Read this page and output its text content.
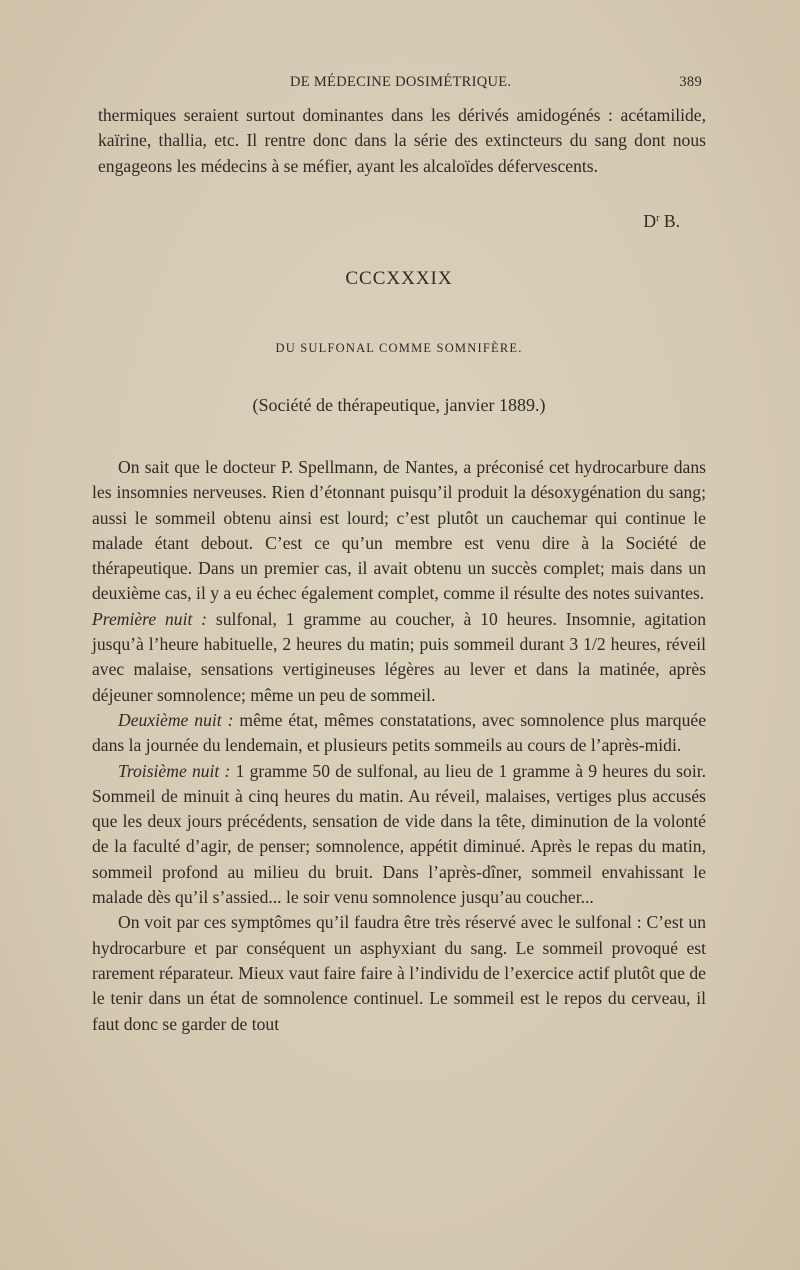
DE MÉDECINE DOSIMÉTRIQUE.	389

thermiques seraient surtout dominantes dans les dérivés amidogénés : acétamilide, kaïrine, thallia, etc. Il rentre donc dans la série des extincteurs du sang dont nous engageons les médecins à se méfier, ayant les alcaloïdes défervescents.

$D^r$ B.
CCCXXXIX
DU SULFONAL COMME SOMNIFÈRE.
(Société de thérapeutique, janvier 1889.)

On sait que le docteur P. Spellmann, de Nantes, a préconisé cet hydrocarbure dans les insomnies nerveuses. Rien d’étonnant puisqu’il produit la désoxygénation du sang; aussi le sommeil obtenu ainsi est lourd; c’est plutôt un cauchemar qui continue le malade étant debout. C’est ce qu’un membre est venu dire à la Société de thérapeutique. Dans un premier cas, il avait obtenu un succès complet; mais dans un deuxième cas, il y a eu échec également complet, comme il résulte des notes suivantes.
Première nuit : sulfonal, 1 gramme au coucher, à 10 heures. Insomnie, agitation jusqu’à l’heure habituelle, 2 heures du matin; puis sommeil durant 3 1/2 heures, réveil avec malaise, sensations vertigineuses légères au lever et dans la matinée, après déjeuner somnolence; même un peu de sommeil.

Deuxième nuit : même état, mêmes constatations, avec somnolence plus marquée dans la journée du lendemain, et plusieurs petits sommeils au cours de l’après-midi.

Troisième nuit : 1 gramme 50 de sulfonal, au lieu de 1 gramme à 9 heures du soir. Sommeil de minuit à cinq heures du matin. Au réveil, malaises, vertiges plus accusés que les deux jours précédents, sensation de vide dans la tête, diminution de la volonté de la faculté d’agir, de penser; somnolence, appétit diminué. Après le repas du matin, sommeil profond au milieu du bruit. Dans l’après-dîner, sommeil envahissant le malade dès qu’il s’assied... le soir venu somnolence jusqu’au coucher...

On voit par ces symptômes qu’il faudra être très réservé avec le sulfonal : C’est un hydrocarbure et par conséquent un asphyxiant du sang. Le sommeil provoqué est rarement réparateur. Mieux vaut faire faire à l’individu de l’exercice actif plutôt que de le tenir dans un état de somnolence continuel. Le sommeil est le repos du cerveau, il faut donc se garder de tout
